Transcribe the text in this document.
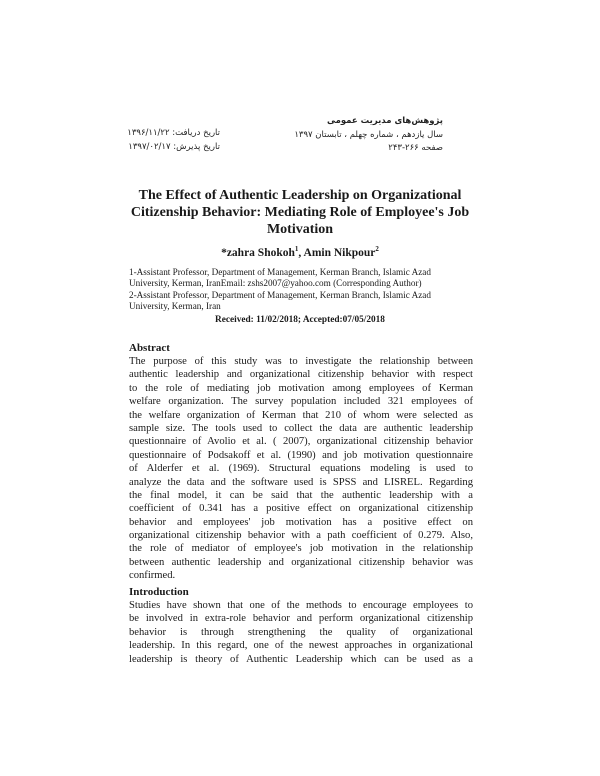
پژوهش‌های مدیریت عمومی
سال یازدهم ، شماره چهلم ، تابستان ۱۳۹۷
صفحه ۲۶۶-۲۴۳
تاریخ دریافت: ۱۳۹۶/۱۱/۲۲
تاریخ پذیرش: ۱۳۹۷/۰۲/۱۷
The Effect of Authentic Leadership on Organizational
Citizenship Behavior: Mediating Role of Employee's Job
Motivation
*zahra Shokoh$^1$, Amin Nikpour$^2$
1-Assistant Professor, Department of Management, Kerman Branch, Islamic Azad
University, Kerman, IranEmail: zshs2007@yahoo.com (Corresponding Author)
2-Assistant Professor, Department of Management, Kerman Branch, Islamic Azad
University, Kerman, Iran
Received: 11/02/2018; Accepted:07/05/2018
Abstract
The purpose of this study was to investigate the relationship between
authentic leadership and organizational citizenship behavior with respect
to the role of mediating job motivation among employees of Kerman
welfare organization. The survey population included 321 employees of
the welfare organization of Kerman that 210 of whom were selected as
sample size. The tools used to collect the data are authentic leadership
questionnaire of Avolio et al. ( 2007), organizational citizenship behavior
questionnaire of Podsakoff et al. (1990) and job motivation questionnaire
of Alderfer et al. (1969). Structural equations modeling is used to
analyze the data and the software used is SPSS and LISREL. Regarding
the final model, it can be said that the authentic leadership with a
coefficient of 0.341 has a positive effect on organizational citizenship
behavior and employees' job motivation has a positive effect on
organizational citizenship behavior with a path coefficient of 0.279. Also,
the role of mediator of employee's job motivation in the relationship
between authentic leadership and organizational citizenship behavior was
confirmed.
Introduction
Studies have shown that one of the methods to encourage employees to
be involved in extra-role behavior and perform organizational citizenship
behavior is through strengthening the quality of organizational
leadership. In this regard, one of the newest approaches in organizational
leadership is theory of Authentic Leadership which can be used as a
